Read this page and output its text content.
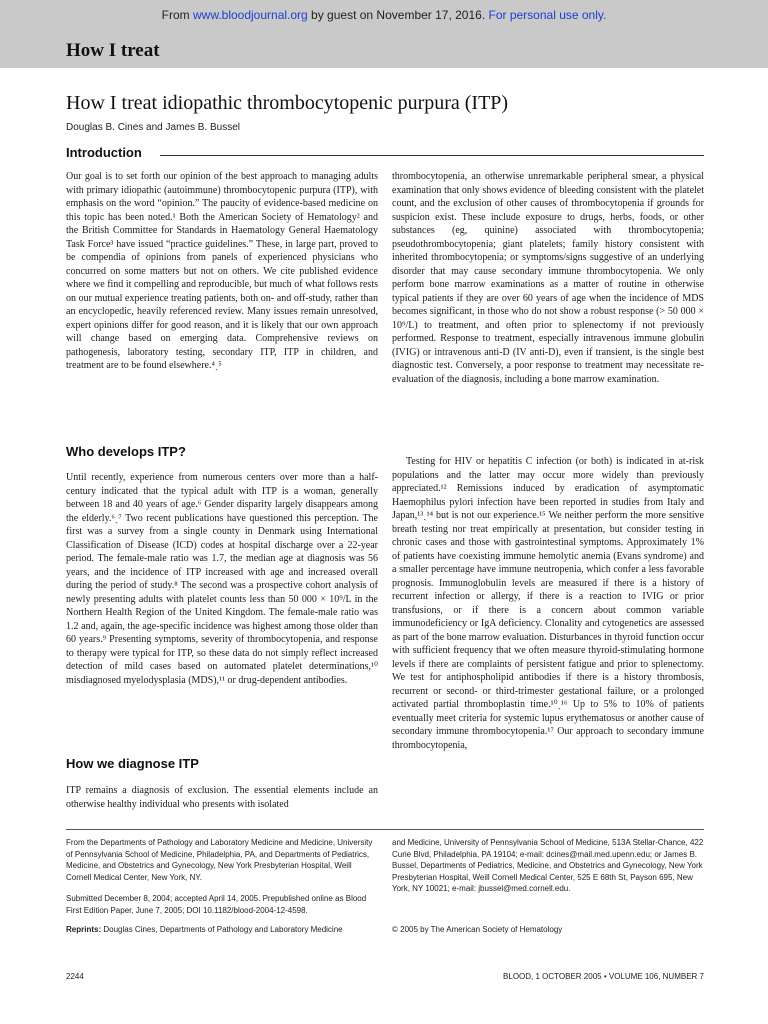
From www.bloodjournal.org by guest on November 17, 2016. For personal use only.
How I treat
How I treat idiopathic thrombocytopenic purpura (ITP)
Douglas B. Cines and James B. Bussel
Introduction

Our goal is to set forth our opinion of the best approach to managing adults with primary idiopathic (autoimmune) thrombocytopenic purpura (ITP), with emphasis on the word “opinion.” The paucity of evidence-based medicine on this topic has been noted.¹ Both the American Society of Hematology² and the British Committee for Standards in Haematology General Haematology Task Force³ have issued “practice guidelines.” These, in large part, proved to be compendia of opinions from panels of experienced physicians who concurred on some matters but not on others. We cite published evidence where we find it compelling and reproducible, but much of what follows rests on our mutual experience treating patients, both on- and off-study, rather than an encyclopedic, heavily referenced review. Many issues remain unresolved, expert opinions differ for good reason, and it is likely that our own approach will change based on emerging data. Comprehensive reviews on pathogenesis, laboratory testing, secondary ITP, ITP in children, and treatment are to be found elsewhere.⁴ˎ⁵

Who develops ITP?

Until recently, experience from numerous centers over more than a half-century indicated that the typical adult with ITP is a woman, generally between 18 and 40 years of age.⁶ Gender disparity largely disappears among the elderly.⁶ˎ⁷ Two recent publications have questioned this perception. The first was a survey from a single county in Denmark using International Classification of Disease (ICD) codes at hospital discharge over a 22-year period. The female-male ratio was 1.7, the median age at diagnosis was 56 years, and the incidence of ITP increased with age and increased overall during the period of study.⁸ The second was a prospective cohort analysis of newly presenting adults with platelet counts less than 50 000 × 10⁹/L in the Northern Health Region of the United Kingdom. The female-male ratio was 1.2 and, again, the age-specific incidence was highest among those older than 60 years.⁹ Presenting symptoms, severity of thrombocytopenia, and response to therapy were typical for ITP, so these data do not simply reflect increased detection of mild cases based on automated platelet determinations,¹⁰ misdiagnosed myelodysplasia (MDS),¹¹ or drug-dependent antibodies.

How we diagnose ITP

ITP remains a diagnosis of exclusion. The essential elements include an otherwise healthy individual who presents with isolated

thrombocytopenia, an otherwise unremarkable peripheral smear, a physical examination that only shows evidence of bleeding consistent with the platelet count, and the exclusion of other causes of thrombocytopenia if grounds for suspicion exist. These include exposure to drugs, herbs, foods, or other substances (eg, quinine) associated with thrombocytopenia; pseudothrombocytopenia; giant platelets; family history consistent with inherited thrombocytopenia; or symptoms/signs suggestive of an underlying disorder that may cause secondary immune thrombocytopenia. We only perform bone marrow examinations as a matter of routine in otherwise typical patients if they are over 60 years of age when the incidence of MDS becomes significant, in those who do not show a robust response (> 50 000 × 10⁹/L) to treatment, and often prior to splenectomy if not previously performed. Response to treatment, especially intravenous immune globulin (IVIG) or intravenous anti-D (IV anti-D), even if transient, is the single best diagnostic test. Conversely, a poor response to treatment may necessitate re-evaluation of the diagnosis, including a bone marrow examination.

Testing for HIV or hepatitis C infection (or both) is indicated in at-risk populations and the latter may occur more widely than previously appreciated.¹² Remissions induced by eradication of asymptomatic Haemophilus pylori infection have been reported in studies from Italy and Japan,¹³ˎ¹⁴ but is not our experience.¹⁵ We neither perform the more sensitive breath testing nor treat empirically at presentation, but consider testing in chronic cases and those with gastrointestinal symptoms. Approximately 1% of patients have coexisting immune hemolytic anemia (Evans syndrome) and a smaller percentage have immune neutropenia, which confer a less favorable prognosis. Immunoglobulin levels are measured if there is a history of recurrent infection or allergy, if there is a reaction to IVIG or prior transfusions, or if there is a concern about common variable immunodeficiency or IgA deficiency. Clonality and cytogenetics are assessed as part of the bone marrow evaluation. Disturbances in thyroid function occur with sufficient frequency that we often measure thyroid-stimulating hormone levels if there are complaints of persistent fatigue and prior to splenectomy. We test for antiphospholipid antibodies if there is a history thrombosis, recurrent or second- or third-trimester gestational failure, or a prolonged activated partial thromboplastin time.¹⁰ˎ¹⁶ Up to 5% to 10% of patients eventually meet criteria for systemic lupus erythematosus or another cause of secondary immune thrombocytopenia.¹⁷ Our approach to secondary immune thrombocytopenia,

From the Departments of Pathology and Laboratory Medicine and Medicine, University of Pennsylvania School of Medicine, Philadelphia, PA, and Departments of Pediatrics, Medicine, and Obstetrics and Gynecology, New York Presbyterian Hospital, Weill Cornell Medical Center, New York, NY.

Submitted December 8, 2004; accepted April 14, 2005. Prepublished online as Blood First Edition Paper, June 7, 2005; DOI 10.1182/blood-2004-12-4598.

Reprints: Douglas Cines, Departments of Pathology and Laboratory Medicine

and Medicine, University of Pennsylvania School of Medicine, 513A Stellar-Chance, 422 Curie Blvd, Philadelphia, PA 19104; e-mail: dcines@mail.med.upenn.edu; or James B. Bussel, Departments of Pediatrics, Medicine, and Obstetrics and Gynecology, New York Presbyterian Hospital, Weill Cornell Medical Center, 525 E 68th St, Payson 695, New York, NY 10021; e-mail: jbussel@med.cornell.edu.

© 2005 by The American Society of Hematology

2244	BLOOD, 1 OCTOBER 2005 • VOLUME 106, NUMBER 7
